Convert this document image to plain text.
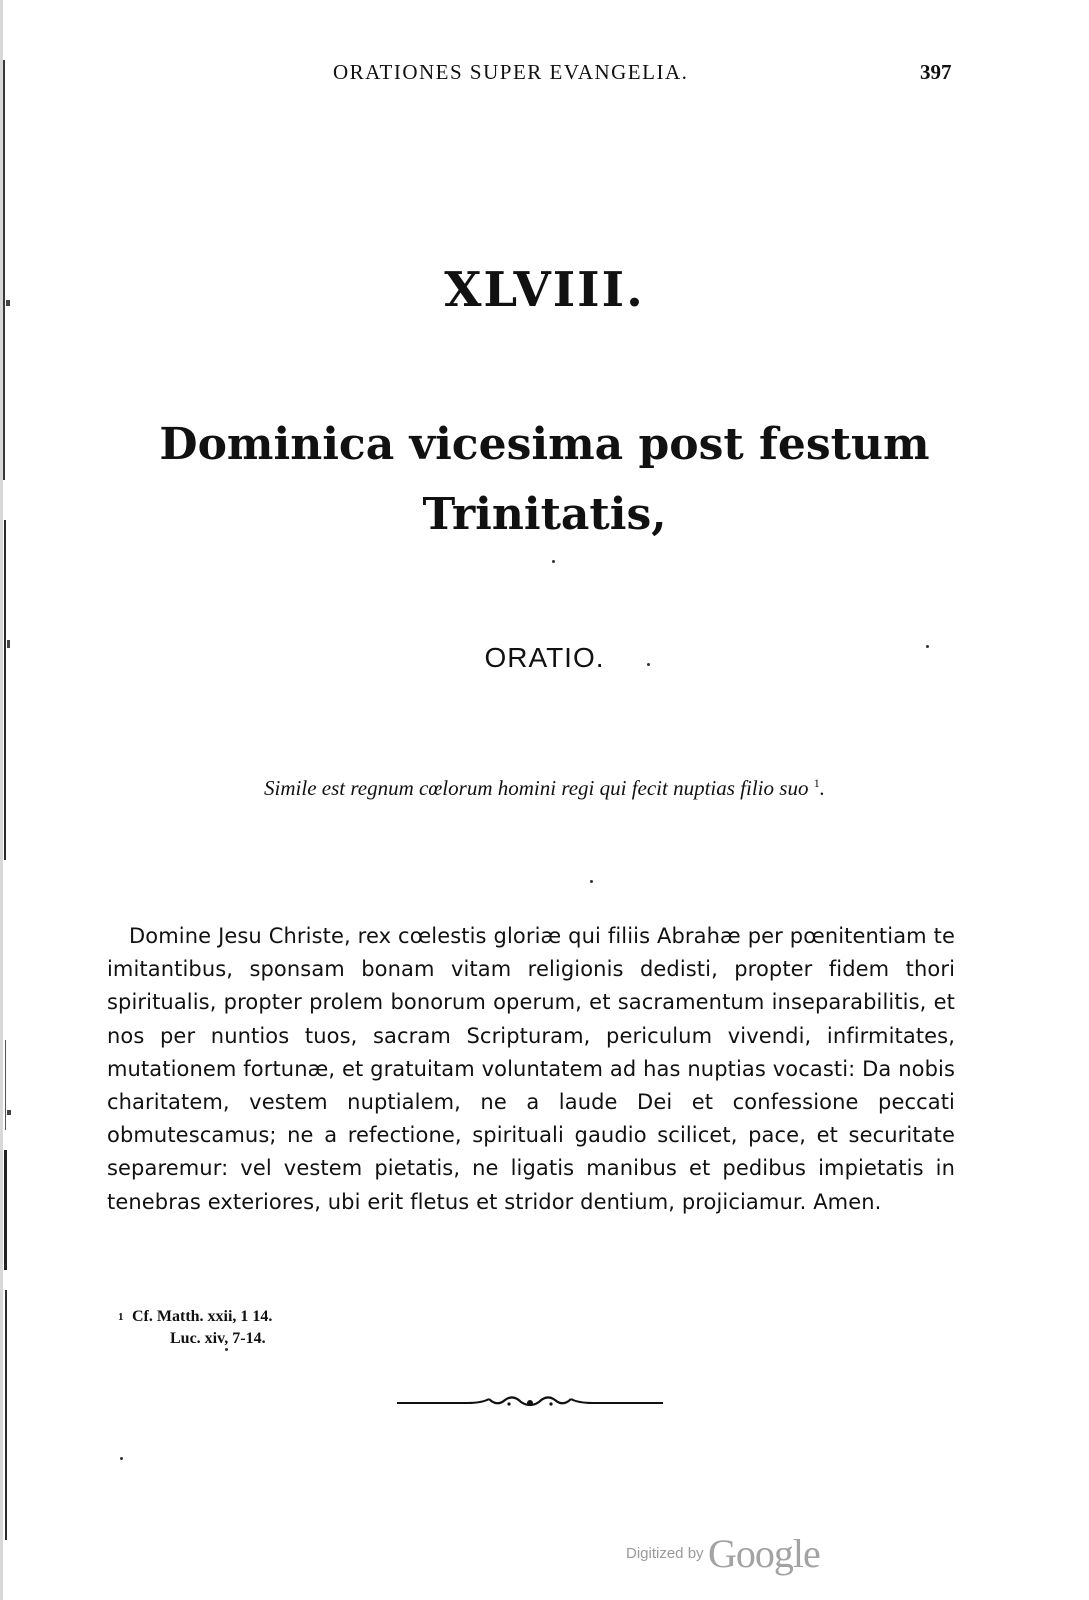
ORATIONES SUPER EVANGELIA.	397
XLVIII.
Dominica vicesima post festum Trinitatis,
ORATIO.
Simile est regnum cœlorum homini regi qui fecit nuptias filio suo $^1$.
Domine Jesu Christe, rex cœlestis gloriæ qui filiis Abrahæ per pœnitentiam te imitantibus, sponsam bonam vitam religionis dedisti, propter fidem thori spiritualis, propter prolem bonorum operum, et sacramentum inseparabilitis, et nos per nuntios tuos, sacram Scripturam, periculum vivendi, infirmitates, mutationem fortunæ, et gratuitam voluntatem ad has nuptias vocasti: Da nobis charitatem, vestem nuptialem, ne a laude Dei et confessione peccati obmutescamus; ne a refectione, spirituali gaudio scilicet, pace, et securitate separemur: vel vestem pietatis, ne ligatis manibus et pedibus impietatis in tenebras exteriores, ubi erit fletus et stridor dentium, projiciamur. Amen.
1 Cf. Matth. xxii, 1 14.
Luc. xiv, 7-14.
Digitized by Google
